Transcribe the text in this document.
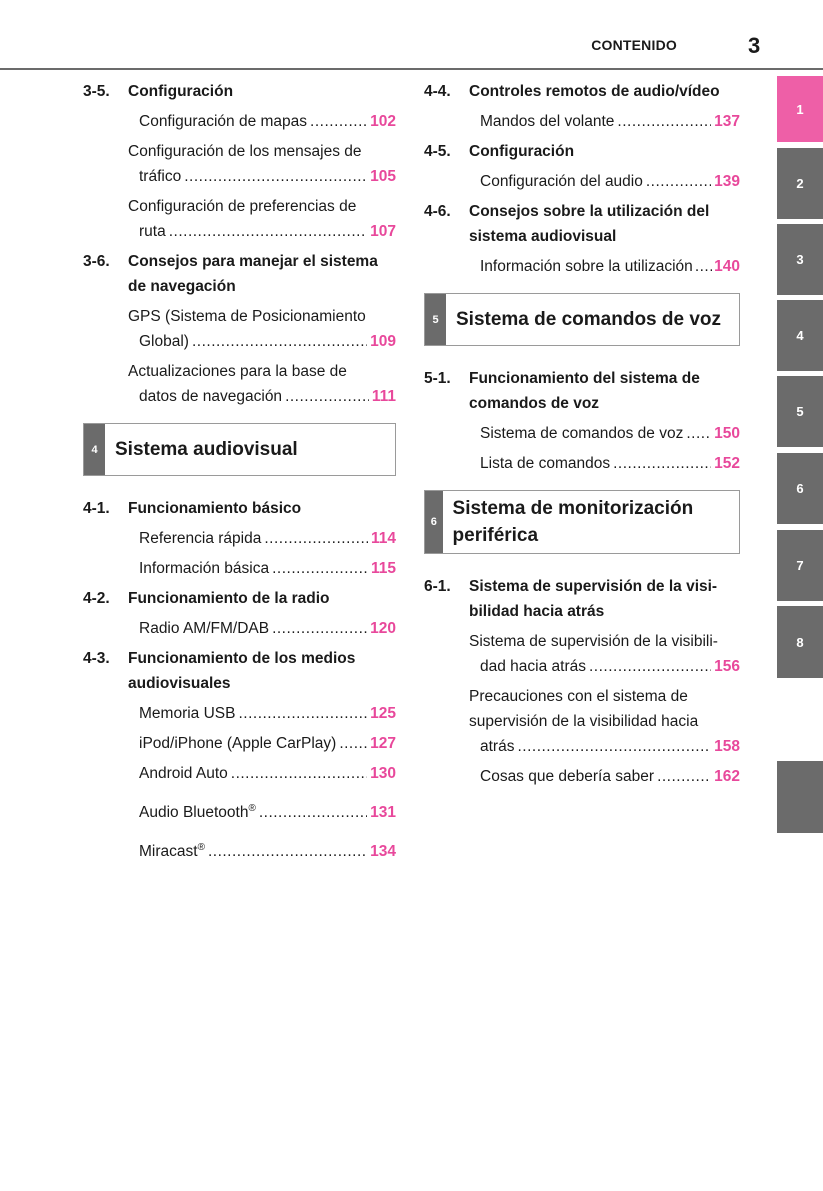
CONTENIDO	3
3-5.	Configuración
Configuración de mapas .....	102
Configuración de los mensajes de
tráfico .....	105
Configuración de preferencias de
ruta .....	107
3-6.	Consejos para manejar el sistema de navegación
GPS (Sistema de Posicionamiento
Global) .....	109
Actualizaciones para la base de
datos de navegación .....	111
4 Sistema audiovisual
4-1.	Funcionamiento básico
Referencia rápida .....	114
Información básica .....	115
4-2.	Funcionamiento de la radio
Radio AM/FM/DAB .....	120
4-3.	Funcionamiento de los medios audiovisuales
Memoria USB .....	125
iPod/iPhone (Apple CarPlay) ..... 127
Android Auto .....	130
Audio Bluetooth® .....	131
Miracast® .....	134
4-4.	Controles remotos de audio/vídeo
Mandos del volante .....	137
4-5.	Configuración
Configuración del audio .....	139
4-6.	Consejos sobre la utilización del sistema audiovisual
Información sobre la utilización ..... 140
5 Sistema de comandos de voz
5-1.	Funcionamiento del sistema de comandos de voz
Sistema de comandos de voz ..... 150
Lista de comandos .....	152
6
Sistema de monitorización periférica
6-1.	Sistema de supervisión de la visi-bilidad hacia atrás
Sistema de supervisión de la visibili-
dad hacia atrás .....	156
Precauciones con el sistema de
supervisión de la visibilidad hacia
atrás .....	158
Cosas que debería saber .....	162
1
2
3
4
5
6
7
8
